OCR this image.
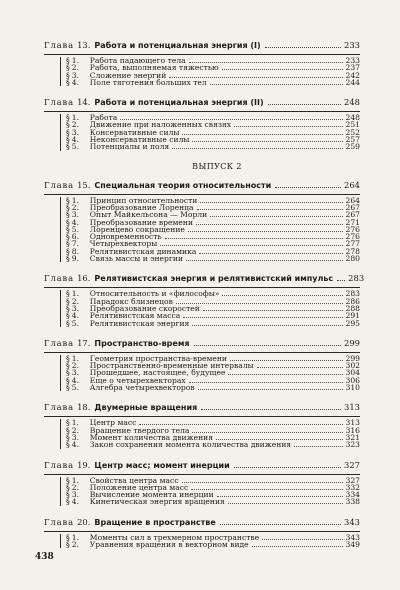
Глава 13. Работа и потенциальная энергия (I)	233
§ 1.	Работа падающего тела	233
§ 2.	Работа, выполняемая тяжестью	237
§ 3.	Сложение энергий	242
§ 4.	Поле тяготения больших тел	244
Глава 14. Работа и потенциальная энергия (II)	248
§ 1.	Работа	248
§ 2.	Движение при наложенных связях	251
§ 3.	Консервативные силы	252
§ 4.	Неконсервативные силы	257
§ 5.	Потенциалы и поля	259
ВЫПУСК 2
Глава 15. Специальная теория относительности	264
§ 1.	Принцип относительности	264
§ 2.	Преобразование Лоренца	267
§ 3.	Опыт Майкельсона — Морли	267
§ 4.	Преобразование времени	271
§ 5.	Лоренцево сокращение	276
§ 6.	Одновременность	276
§ 7.	Четырехвекторы	277
§ 8.	Релятивистская динамика	278
§ 9.	Связь массы и энергии	280
Глава 16. Релятивистская энергия и релятивистский импульс 283
§ 1.	Относительность и «философы»	283
§ 2.	Парадокс близнецов	286
§ 3.	Преобразование скоростей	288
§ 4.	Релятивистская масса	291
§ 5.	Релятивистская энергия	295
Глава 17. Пространство-время	299
§ 1.	Геометрия пространства-времени	299
§ 2.	Пространственно-временные интервалы	302
§ 3.	Прошедшее, настоящее, будущее	304
§ 4.	Еще о четырехвекторах	306
§ 5.	Алгебра четырехвекторов	310
Глава 18. Двумерные вращения	313
§ 1.	Центр масс	313
§ 2.	Вращение твердого тела	316
§ 3.	Момент количества движения	321
§ 4.	Закон сохранения момента количества движения	323
Глава 19. Центр масс; момент инерции	327
§ 1.	Свойства центра масс	327
§ 2.	Положение центра масс	332
§ 3.	Вычисление момента инерции	334
§ 4.	Кинетическая энергия вращения	338
Глава 20. Вращение в пространстве	343
§ 1.	Моменты сил в трехмерном пространстве	343
§ 2.	Уравнения вращения в векторном виде	349
438
